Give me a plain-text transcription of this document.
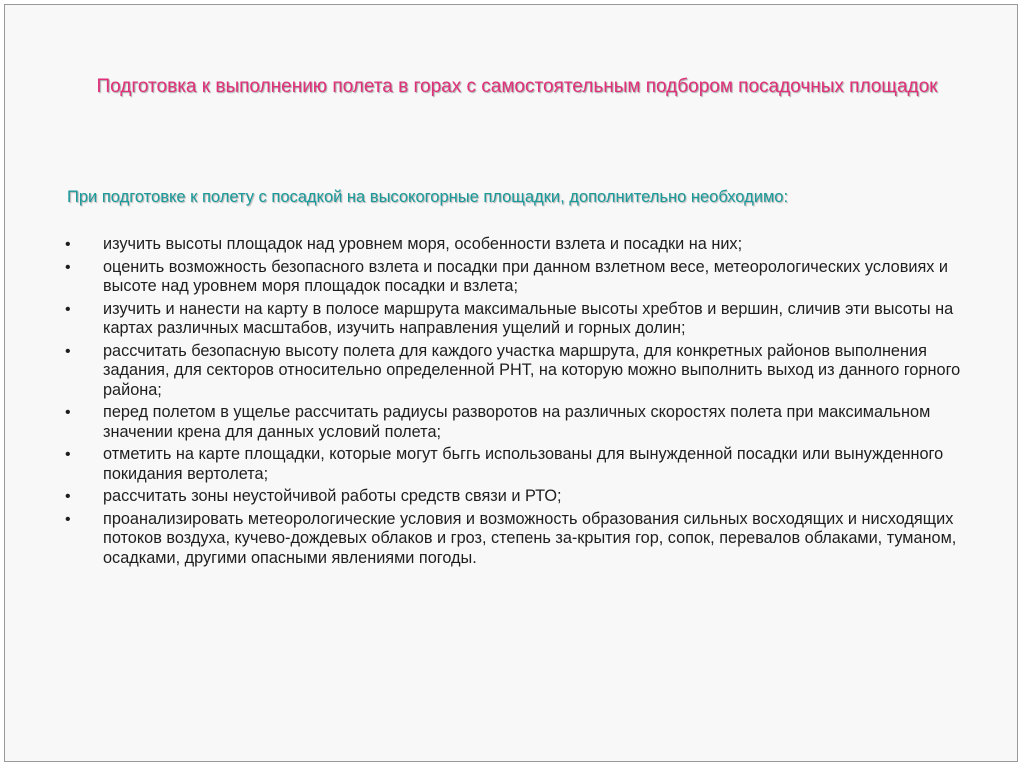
Подготовка к выполнению полета в горах с самостоятельным подбором посадочных площадок
При подготовке к полету с посадкой на высокогорные площадки, дополнительно необходимо:
• изучить высоты площадок над уровнем моря, особенности взлета и посадки на них;
• оценить возможность безопасного взлета и посадки при данном взлетном весе, метеорологических условиях и высоте над уровнем моря площадок посадки и взлета;
• изучить и нанести на карту в полосе маршрута максимальные высоты хребтов и вершин, сличив эти высоты на картах различных масштабов, изучить направления ущелий и горных долин;
• рассчитать безопасную высоту полета для каждого участка маршрута, для конкретных районов выполнения задания, для секторов относительно определенной РНТ, на которую можно выполнить выход из данного горного района;
• перед полетом в ущелье рассчитать радиусы разворотов на различных скоростях полета при максимальном значении крена для данных условий полета;
• отметить на карте площадки, которые могут бьггь использованы для вынужденной посадки или вынужденного покидания вертолета;
• рассчитать зоны неустойчивой работы средств связи и РТО;
• проанализировать метеорологические условия и возможность образования сильных восходящих и нисходящих потоков воздуха, кучево-дождевых облаков и гроз, степень за-крытия гор, сопок, перевалов облаками, туманом, осадками, другими опасными явлениями погоды.
